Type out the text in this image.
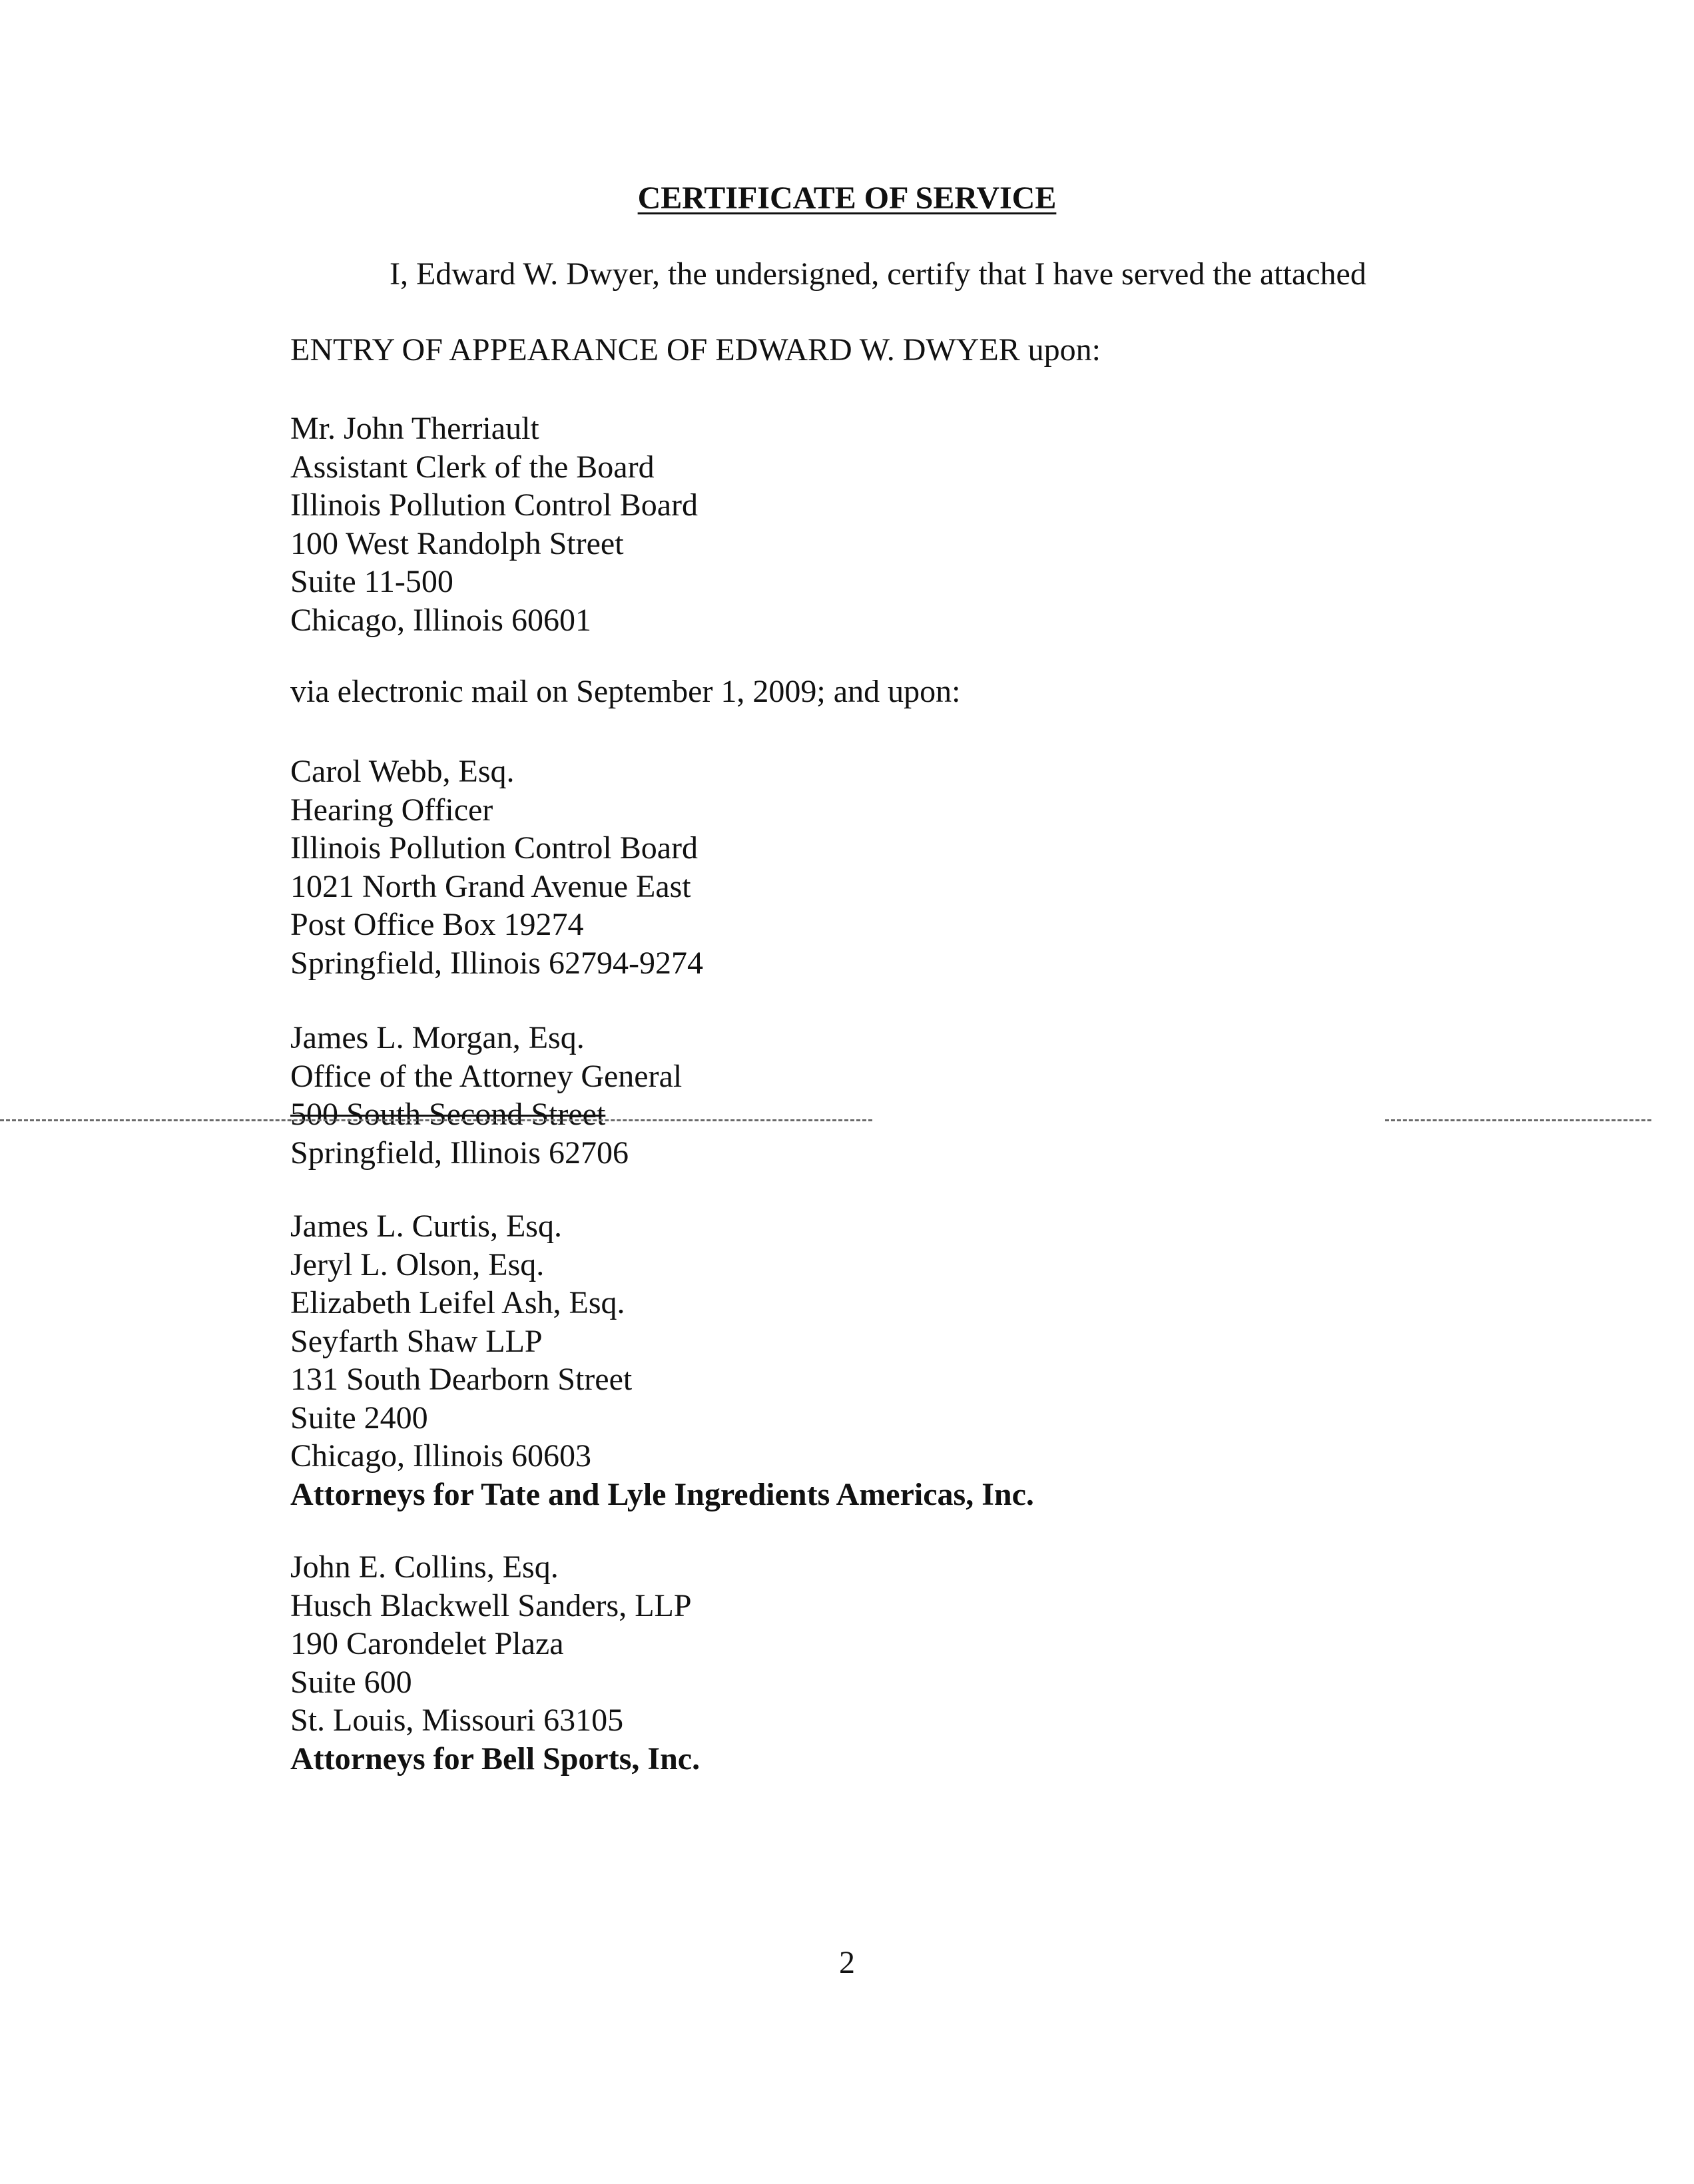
CERTIFICATE OF SERVICE
I, Edward W. Dwyer, the undersigned, certify that I have served the attached
ENTRY OF APPEARANCE OF EDWARD W. DWYER upon:
Mr. John Therriault
Assistant Clerk of the Board
Illinois Pollution Control Board
100 West Randolph Street
Suite 11-500
Chicago, Illinois 60601
via electronic mail on September 1, 2009; and upon:
Carol Webb, Esq.
Hearing Officer
Illinois Pollution Control Board
1021 North Grand Avenue East
Post Office Box 19274
Springfield, Illinois 62794-9274
James L. Morgan, Esq.
Office of the Attorney General
500 South Second Street
Springfield, Illinois 62706
James L. Curtis, Esq.
Jeryl L. Olson, Esq.
Elizabeth Leifel Ash, Esq.
Seyfarth Shaw LLP
131 South Dearborn Street
Suite 2400
Chicago, Illinois 60603
Attorneys for Tate and Lyle Ingredients Americas, Inc.
John E. Collins, Esq.
Husch Blackwell Sanders, LLP
190 Carondelet Plaza
Suite 600
St. Louis, Missouri 63105
Attorneys for Bell Sports, Inc.
2
